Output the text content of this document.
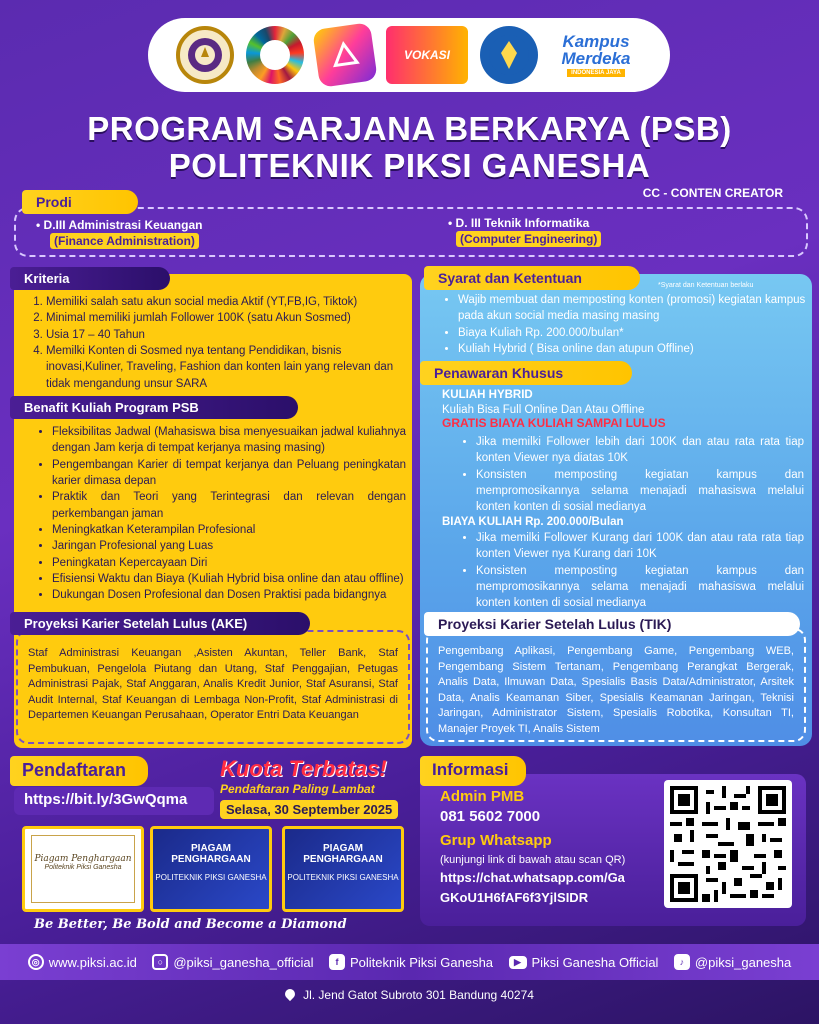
VOKASI
Kampus
Merdeka
INDONESIA JAYA
PROGRAM SARJANA BERKARYA (PSB)
POLITEKNIK PIKSI GANESHA
CC - CONTEN CREATOR
Prodi
• D.III Administrasi Keuangan
(Finance Administration)
• D. III Teknik Informatika
(Computer Engineering)
Kriteria
1. Memiliki salah satu akun social media Aktif (YT,FB,IG, Tiktok)
2. Minimal memiliki jumlah Follower 100K (satu Akun Sosmed)
3. Usia 17 – 40 Tahun
4. Memilki Konten di Sosmed nya tentang Pendidikan, bisnis inovasi,Kuliner, Traveling, Fashion dan konten lain yang relevan dan tidak mengandung unsur SARA
Benafit Kuliah Program PSB
• Fleksibilitas Jadwal (Mahasiswa bisa menyesuaikan jadwal kuliahnya dengan Jam kerja di tempat kerjanya masing masing)
• Pengembangan Karier di tempat kerjanya dan Peluang peningkatan karier dimasa depan
• Praktik dan Teori yang Terintegrasi dan relevan dengan perkembangan jaman
• Meningkatkan Keterampilan Profesional
• Jaringan Profesional yang Luas
• Peningkatan Kepercayaan Diri
• Efisiensi Waktu dan Biaya (Kuliah Hybrid bisa online dan atau offline)
• Dukungan Dosen Profesional dan Dosen Praktisi pada bidangnya
Staf Administrasi Keuangan ,Asisten Akuntan, Teller Bank, Staf Pembukuan, Pengelola Piutang dan Utang, Staf Penggajian, Petugas Administrasi Pajak, Staf Anggaran, Analis Kredit Junior, Staf Asuransi, Staf Audit Internal, Staf Keuangan di Lembaga Non-Profit, Staf Administrasi di Departemen Keuangan Perusahaan, Operator Entri Data Keuangan
Proyeksi Karier Setelah Lulus (AKE)
Syarat dan Ketentuan	*Syarat dan Ketentuan berlaku
• Wajib membuat dan memposting konten (promosi) kegiatan kampus pada akun social media masing masing
• Biaya Kuliah Rp. 200.000/bulan*
• Kuliah Hybrid ( Bisa online dan atupun Offline)
Penawaran Khusus
KULIAH HYBRID
Kuliah Bisa Full Online Dan Atau Offline
GRATIS BIAYA KULIAH SAMPAI LULUS
• Jika memilki Follower lebih dari 100K dan atau rata rata tiap konten Viewer nya diatas 10K
• Konsisten memposting kegiatan kampus dan mempromosikannya selama menajadi mahasiswa melalui konten konten di sosial medianya
BIAYA KULIAH Rp. 200.000/Bulan
• Jika memilki Follower Kurang dari 100K dan atau rata rata tiap konten Viewer nya Kurang dari 10K
• Konsisten memposting kegiatan kampus dan mempromosikannya selama menajadi mahasiswa melalui konten konten di sosial medianya
Pengembang Aplikasi, Pengembang Game, Pengembang WEB, Pengembang Sistem Tertanam, Pengembang Perangkat Bergerak, Analis Data, Ilmuwan Data, Spesialis Basis Data/Administrator, Arsitek Data, Analis Keamanan Siber, Spesialis Keamanan Jaringan, Teknisi Jaringan, Administrator Sistem, Spesialis Robotika, Konsultan TI, Manajer Proyek TI, Analis Sistem
Proyeksi Karier Setelah Lulus (TIK)
Pendaftaran
https://bit.ly/3GwQqma
Kuota Terbatas!
Pendaftaran Paling Lambat
Selasa, 30 September 2025
Piagam Penghargaan
Politeknik Piksi Ganesha
PIAGAM PENGHARGAAN
POLITEKNIK PIKSI GANESHA
PIAGAM PENGHARGAAN
POLITEKNIK PIKSI GANESHA
Be Better, Be Bold and Become a Diamond
Informasi
Admin PMB
081 5602 7000
Grup Whatsapp
(kunjungi link di bawah atau scan QR)
https://chat.whatsapp.com/Ga
GKoU1H6fAF6f3YjlSIDR
◎ www.piksi.ac.id	○ @piksi_ganesha_official	f Politeknik Piksi Ganesha	▶ Piksi Ganesha Official	♪ @piksi_ganesha
Jl. Jend Gatot Subroto 301 Bandung 40274
